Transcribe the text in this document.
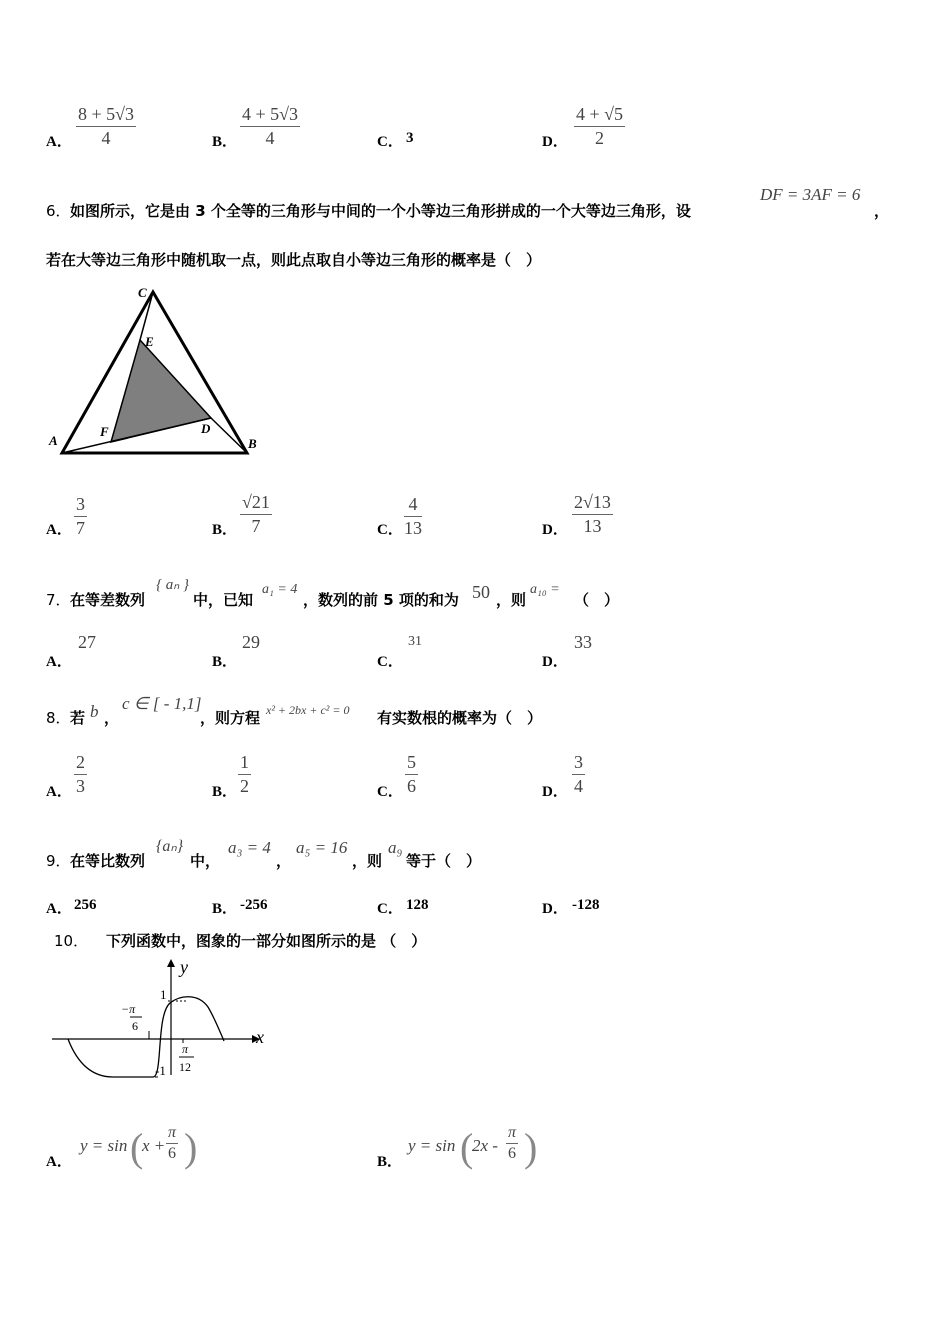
A．
8 + 5√3
4	B．
4 + 5√3
4	C． 3	D．
4 + √5
2
6． 如图所示，它是由 3 个全等的三角形与中间的一个小等边三角形拼成的一个大等边三角形，设
DF = 3AF = 6
，
若在大等边三角形中随机取一点，则此点取自小等边三角形的概率是（　）
C
E
A
F	D
B
A．
3
7	B．
√21
7	C．
4
13	D．
2√13
13
7． 在等差数列
{ aₙ }
中，已知
a₁ = 4
，数列的前 5 项的和为 50 ，则
a₁₀ =
（　）
A．
27
B．
29
C．
31
D．
33
8． 若 b ，
c ∈ [ - 1,1]
，则方程 x² + 2bx + c² = 0 有实数根的概率为（　）
A．
2
3	B．
1
2	C．
5
6	D．
3
4
9． 在等比数列
{aₙ}
中，
a₃ = 4
，
a₅ = 16
，则
a₉
等于（　）
A． 256	B． -256	C． 128	D． -128
10． 下列函数中，图象的一部分如图所示的是 （　）
y
x
1
-1
−π
6
π
12
A．
y = sin (
x +
π
6 )	B．
y = sin (
2x -
π
6 )
